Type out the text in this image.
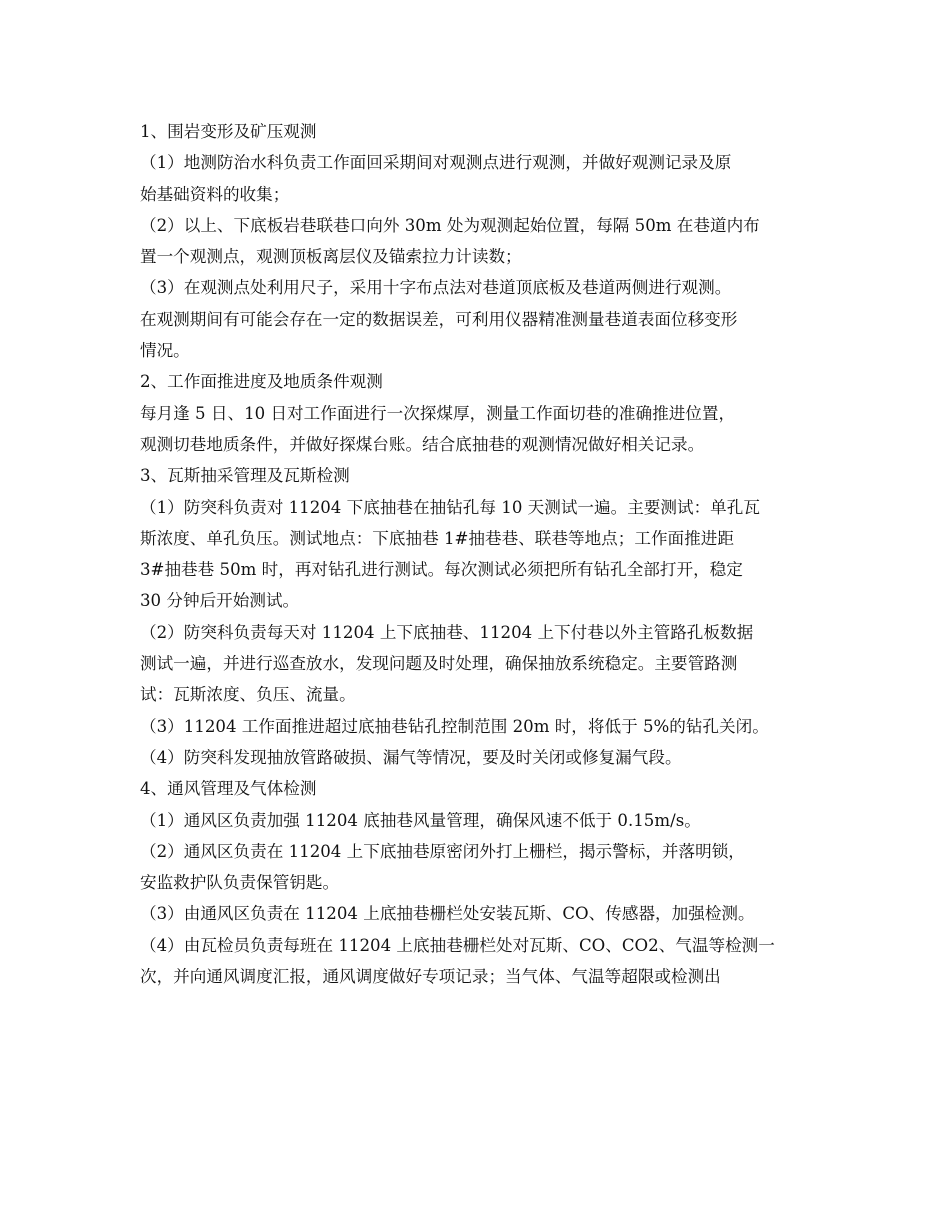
1、围岩变形及矿压观测
（1）地测防治水科负责工作面回采期间对观测点进行观测，并做好观测记录及原
始基础资料的收集；
（2）以上、下底板岩巷联巷口向外 30m 处为观测起始位置，每隔 50m 在巷道内布
置一个观测点，观测顶板离层仪及锚索拉力计读数；
（3）在观测点处利用尺子，采用十字布点法对巷道顶底板及巷道两侧进行观测。
在观测期间有可能会存在一定的数据误差，可利用仪器精准测量巷道表面位移变形
情况。
2、工作面推进度及地质条件观测
每月逢 5 日、10 日对工作面进行一次探煤厚，测量工作面切巷的准确推进位置，
观测切巷地质条件，并做好探煤台账。结合底抽巷的观测情况做好相关记录。
3、瓦斯抽采管理及瓦斯检测
（1）防突科负责对 11204 下底抽巷在抽钻孔每 10 天测试一遍。主要测试：单孔瓦
斯浓度、单孔负压。测试地点：下底抽巷 1#抽巷巷、联巷等地点；工作面推进距
3#抽巷巷 50m 时，再对钻孔进行测试。每次测试必须把所有钻孔全部打开，稳定
30 分钟后开始测试。
（2）防突科负责每天对 11204 上下底抽巷、11204 上下付巷以外主管路孔板数据
测试一遍，并进行巡查放水，发现问题及时处理，确保抽放系统稳定。主要管路测
试：瓦斯浓度、负压、流量。
（3）11204 工作面推进超过底抽巷钻孔控制范围 20m 时，将低于 5%的钻孔关闭。
（4）防突科发现抽放管路破损、漏气等情况，要及时关闭或修复漏气段。
4、通风管理及气体检测
（1）通风区负责加强 11204 底抽巷风量管理，确保风速不低于 0.15m/s。
（2）通风区负责在 11204 上下底抽巷原密闭外打上栅栏，揭示警标，并落明锁，
安监救护队负责保管钥匙。
（3）由通风区负责在 11204 上底抽巷栅栏处安装瓦斯、CO、传感器，加强检测。
（4）由瓦检员负责每班在 11204 上底抽巷栅栏处对瓦斯、CO、CO2、气温等检测一
次，并向通风调度汇报，通风调度做好专项记录；当气体、气温等超限或检测出
